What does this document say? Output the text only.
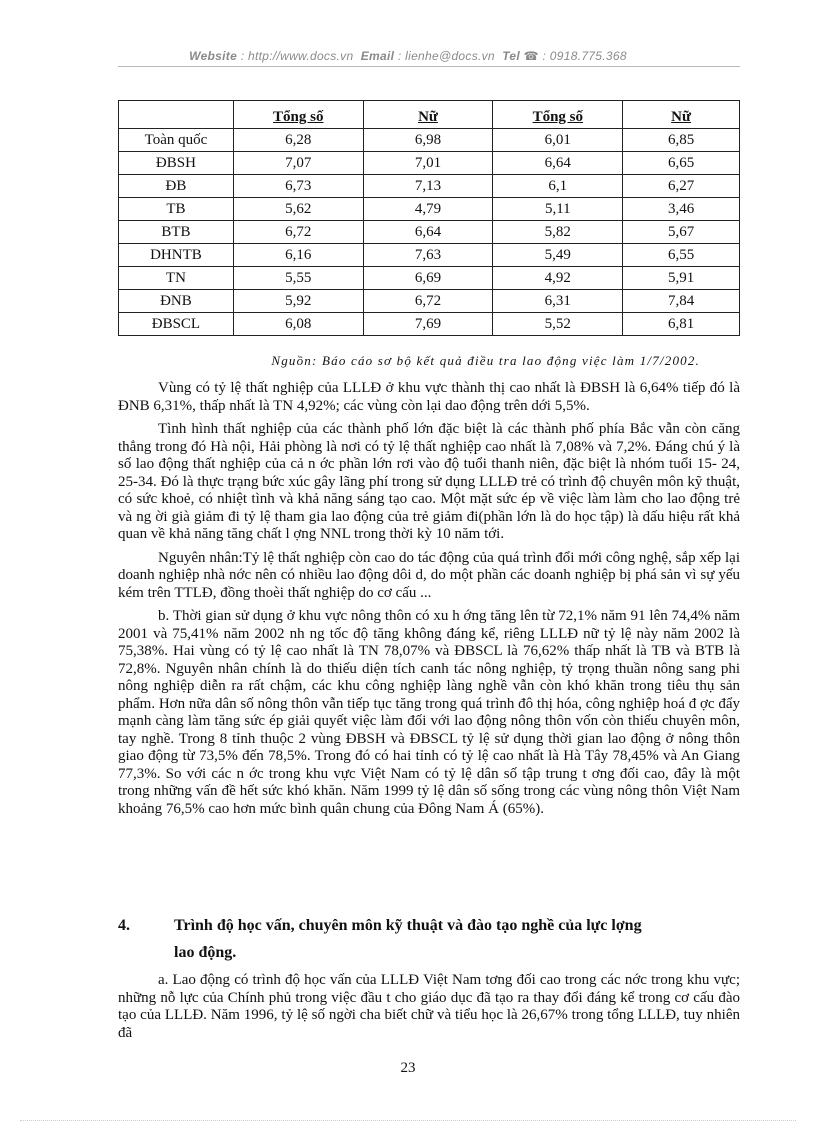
Website : http://www.docs.vn Email : lienhe@docs.vn Tel ☎ : 0918.775.368
	Tổng số	Nữ	Tổng số	Nữ
Toàn quốc	6,28	6,98	6,01	6,85
ĐBSH	7,07	7,01	6,64	6,65
ĐB	6,73	7,13	6,1	6,27
TB	5,62	4,79	5,11	3,46
BTB	6,72	6,64	5,82	5,67
DHNTB	6,16	7,63	5,49	6,55
TN	5,55	6,69	4,92	5,91
ĐNB	5,92	6,72	6,31	7,84
ĐBSCL	6,08	7,69	5,52	6,81
Nguồn: Báo cáo sơ bộ kết quả điều tra lao động việc làm 1/7/2002.

Vùng có tỷ lệ thất nghiệp của LLLĐ ở khu vực thành thị cao nhất là ĐBSH là 6,64% tiếp đó là ĐNB 6,31%, thấp nhất là TN 4,92%; các vùng còn lại dao động trên dới 5,5%.

Tình hình thất nghiệp của các thành phố lớn đặc biệt là các thành phố phía Bắc vẫn còn căng thẳng trong đó Hà nội, Hải phòng là nơi có tỷ lệ thất nghiệp cao nhất là 7,08% và 7,2%. Đáng chú ý là số lao động thất nghiệp của cả n ớc phần lớn rơi vào độ tuổi thanh niên, đặc biệt là nhóm tuổi 15- 24, 25-34. Đó là thực trạng bức xúc gây lãng phí trong sử dụng LLLĐ trẻ có trình độ chuyên môn kỹ thuật, có sức khoẻ, có nhiệt tình và khả năng sáng tạo cao. Một mặt sức ép về việc làm làm cho lao động trẻ và ng ời già giảm đi tỷ lệ tham gia lao động của trẻ giảm đi(phần lớn là do học tập) là dấu hiệu rất khả quan về khả năng tăng chất l ợng NNL trong thời kỳ 10 năm tới.

Nguyên nhân:Tỷ lệ thất nghiệp còn cao do tác động của quá trình đổi mới công nghệ, sắp xếp lại doanh nghiệp nhà nớc nên có nhiều lao động dôi d, do một phần các doanh nghiệp bị phá sản vì sự yếu kém trên TTLĐ, đồng thoèi thất nghiệp do cơ cấu ...

b. Thời gian sử dụng ở khu vực nông thôn có xu h ớng tăng lên từ 72,1% năm 91 lên 74,4% năm 2001 và 75,41% năm 2002 nh ng tốc độ tăng không đáng kể, riêng LLLĐ nữ tỷ lệ này năm 2002 là 75,38%. Hai vùng có tỷ lệ cao nhất là TN 78,07% và ĐBSCL là 76,62% thấp nhất là TB và BTB là 72,8%. Nguyên nhân chính là do thiếu diện tích canh tác nông nghiệp, tỷ trọng thuần nông sang phi nông nghiệp diễn ra rất chậm, các khu công nghiệp làng nghề vẫn còn khó khăn trong tiêu thụ sản phẩm. Hơn nữa dân số nông thôn vẫn tiếp tục tăng trong quá trình đô thị hóa, công nghiệp hoá đ ợc đẩy mạnh càng làm tăng sức ép giải quyết việc làm đối với lao động nông thôn vốn còn thiếu chuyên môn, tay nghề. Trong 8 tỉnh thuộc 2 vùng ĐBSH và ĐBSCL tỷ lệ sử dụng thời gian lao động ở nông thôn giao động từ 73,5% đến 78,5%. Trong đó có hai tỉnh có tỷ lệ cao nhất là Hà Tây 78,45% và An Giang 77,3%. So với các n ớc trong khu vực Việt Nam có tỷ lệ dân số tập trung t ơng đối cao, đây là một trong những vấn đề hết sức khó khăn. Năm 1999 tỷ lệ dân số sống trong các vùng nông thôn Việt Nam khoảng 76,5% cao hơn mức bình quân chung của Đông Nam Á (65%).

4.	Trình độ học vấn, chuyên môn kỹ thuật và đào tạo nghề của lực lợng
lao động.

a. Lao động có trình độ học vấn của LLLĐ Việt Nam tơng đối cao trong các nớc trong khu vực; những nỗ lực của Chính phủ trong việc đầu t cho giáo dục đã tạo ra thay đổi đáng kể trong cơ cấu đào tạo của LLLĐ. Năm 1996, tỷ lệ số ngời cha biết chữ và tiểu học là 26,67% trong tổng LLLĐ, tuy nhiên đã

23
